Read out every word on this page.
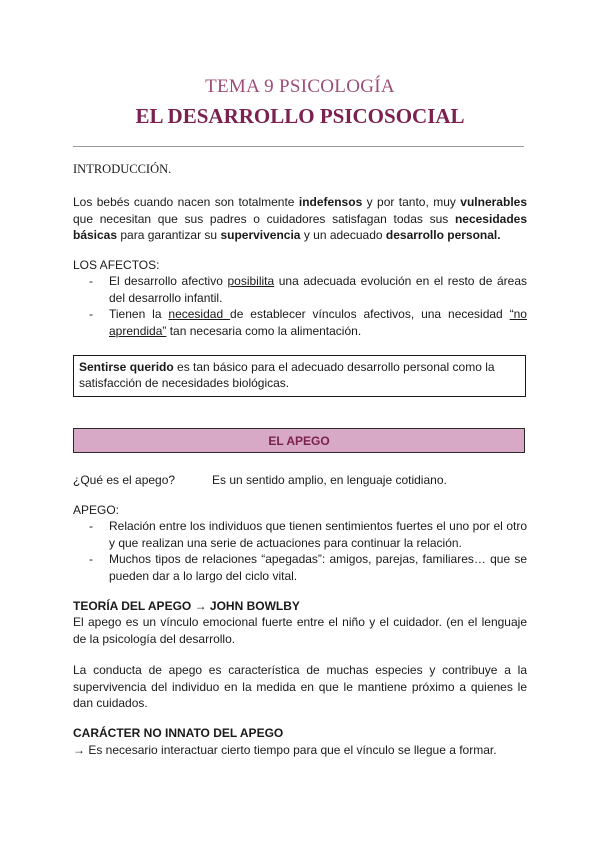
TEMA 9 PSICOLOGÍA
EL DESARROLLO PSICOSOCIAL
INTRODUCCIÓN.
Los bebés cuando nacen son totalmente indefensos y por tanto, muy vulnerables que necesitan que sus padres o cuidadores satisfagan todas sus necesidades básicas para garantizar su supervivencia y un adecuado desarrollo personal.
LOS AFECTOS:
- El desarrollo afectivo posibilita una adecuada evolución en el resto de áreas del desarrollo infantil.
- Tienen la necesidad de establecer vínculos afectivos, una necesidad “no aprendida” tan necesaria como la alimentación.
Sentirse querido es tan básico para el adecuado desarrollo personal como la satisfacción de necesidades biológicas.
EL APEGO
¿Qué es el apego?	Es un sentido amplio, en lenguaje cotidiano.
APEGO:
- Relación entre los individuos que tienen sentimientos fuertes el uno por el otro y que realizan una serie de actuaciones para continuar la relación.
- Muchos tipos de relaciones “apegadas”: amigos, parejas, familiares… que se pueden dar a lo largo del ciclo vital.
TEORÍA DEL APEGO → JOHN BOWLBY
El apego es un vínculo emocional fuerte entre el niño y el cuidador. (en el lenguaje de la psicología del desarrollo.
La conducta de apego es característica de muchas especies y contribuye a la supervivencia del individuo en la medida en que le mantiene próximo a quienes le dan cuidados.
CARÁCTER NO INNATO DEL APEGO
→ Es necesario interactuar cierto tiempo para que el vínculo se llegue a formar.
